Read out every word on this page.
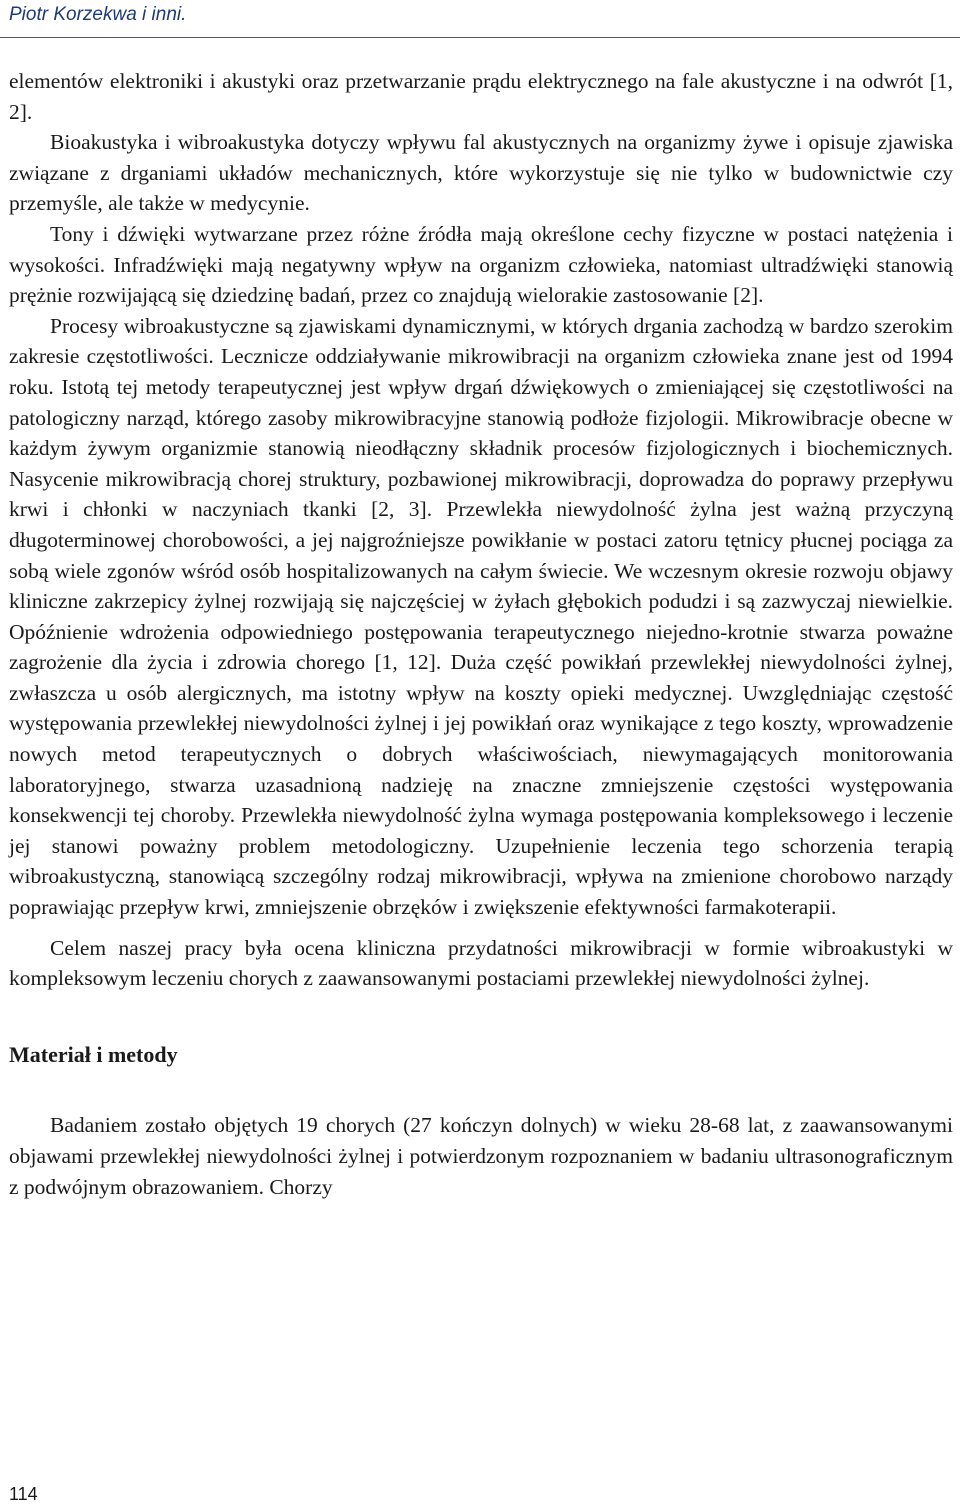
Piotr Korzekwa i inni.

elementów elektroniki i akustyki oraz przetwarzanie prądu elektrycznego na fale akustyczne i na odwrót [1, 2].

Bioakustyka i wibroakustyka dotyczy wpływu fal akustycznych na organizmy żywe i opisuje zjawiska związane z drganiami układów mechanicznych, które wykorzystuje się nie tylko w budownictwie czy przemyśle, ale także w medycynie.

Tony i dźwięki wytwarzane przez różne źródła mają określone cechy fizyczne w postaci natężenia i wysokości. Infradźwięki mają negatywny wpływ na organizm człowieka, natomiast ultradźwięki stanowią prężnie rozwijającą się dziedzinę badań, przez co znajdują wielorakie zastosowanie [2].

Procesy wibroakustyczne są zjawiskami dynamicznymi, w których drgania zachodzą w bardzo szerokim zakresie częstotliwości. Lecznicze oddziaływanie mikrowibracji na organizm człowieka znane jest od 1994 roku. Istotą tej metody terapeutycznej jest wpływ drgań dźwiękowych o zmieniającej się częstotliwości na patologiczny narząd, którego zasoby mikrowibracyjne stanowią podłoże fizjologii. Mikrowibracje obecne w każdym żywym organizmie stanowią nieodłączny składnik procesów fizjologicznych i biochemicznych. Nasycenie mikrowibracją chorej struktury, pozbawionej mikrowibracji, doprowadza do poprawy przepływu krwi i chłonki w naczyniach tkanki [2, 3]. Przewlekła niewydolność żylna jest ważną przyczyną długoterminowej chorobowości, a jej najgroźniejsze powikłanie w postaci zatoru tętnicy płucnej pociąga za sobą wiele zgonów wśród osób hospitalizowanych na całym świecie. We wczesnym okresie rozwoju objawy kliniczne zakrzepicy żylnej rozwijają się najczęściej w żyłach głębokich podudzi i są zazwyczaj niewielkie. Opóźnienie wdrożenia odpowiedniego postępowania terapeutycznego niejedno-krotnie stwarza poważne zagrożenie dla życia i zdrowia chorego [1, 12]. Duża część powikłań przewlekłej niewydolności żylnej, zwłaszcza u osób alergicznych, ma istotny wpływ na koszty opieki medycznej. Uwzględniając częstość występowania przewlekłej niewydolności żylnej i jej powikłań oraz wynikające z tego koszty, wprowadzenie nowych metod terapeutycznych o dobrych właściwościach, niewymagających monitorowania laboratoryjnego, stwarza uzasadnioną nadzieję na znaczne zmniejszenie częstości występowania konsekwencji tej choroby. Przewlekła niewydolność żylna wymaga postępowania kompleksowego i leczenie jej stanowi poważny problem metodologiczny. Uzupełnienie leczenia tego schorzenia terapią wibroakustyczną, stanowiącą szczególny rodzaj mikrowibracji, wpływa na zmienione chorobowo narządy poprawiając przepływ krwi, zmniejszenie obrzęków i zwiększenie efektywności farmakoterapii.

Celem naszej pracy była ocena kliniczna przydatności mikrowibracji w formie wibroakustyki w kompleksowym leczeniu chorych z zaawansowanymi postaciami przewlekłej niewydolności żylnej.

Materiał i metody

Badaniem zostało objętych 19 chorych (27 kończyn dolnych) w wieku 28-68 lat, z zaawansowanymi objawami przewlekłej niewydolności żylnej i potwierdzonym rozpoznaniem w badaniu ultrasonograficznym z podwójnym obrazowaniem. Chorzy

114
